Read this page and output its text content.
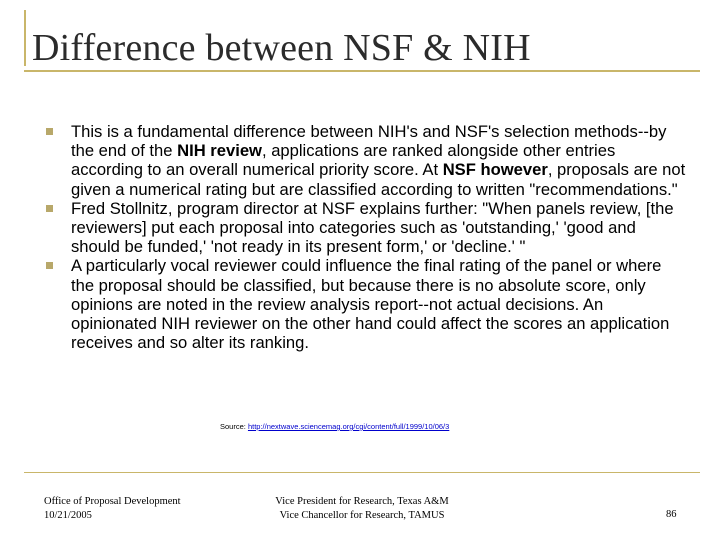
Difference between NSF & NIH
This is a fundamental difference between NIH's and NSF's selection methods--by the end of the NIH review, applications are ranked alongside other entries according to an overall numerical priority score. At NSF however, proposals are not given a numerical rating but are classified according to written "recommendations."
Fred Stollnitz, program director at NSF explains further: "When panels review, [the reviewers] put each proposal into categories such as 'outstanding,' 'good and should be funded,' 'not ready in its present form,' or 'decline.' "
A particularly vocal reviewer could influence the final rating of the panel or where the proposal should be classified, but because there is no absolute score, only opinions are noted in the review analysis report--not actual decisions. An opinionated NIH reviewer on the other hand could affect the scores an application receives and so alter its ranking.
Source: http://nextwave.sciencemag.org/cgi/content/full/1999/10/06/3
Office of Proposal Development
10/21/2005
Vice President for Research, Texas A&M
Vice Chancellor for Research, TAMUS	86
